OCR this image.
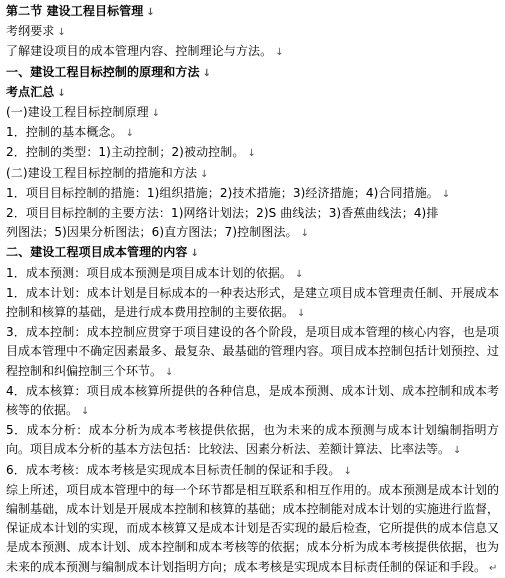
第二节 建设工程目标管理 ↓
考纲要求 ↓
了解建设项目的成本管理内容、控制理论与方法。 ↓
一、建设工程目标控制的原理和方法 ↓
考点汇总 ↓
(一)建设工程目标控制原理 ↓
1．控制的基本概念。 ↓
2．控制的类型：1)主动控制；2)被动控制。 ↓
(二)建设工程目标控制的措施和方法 ↓
1．项目目标控制的措施：1)组织措施；2)技术措施；3)经济措施；4)合同措施。 ↓
2．项目目标控制的主要方法：1)网络计划法；2)S 曲线法；3)香蕉曲线法；4)排
列图法；5)因果分析图法；6)直方图法；7)控制图法。 ↓
二、建设工程项目成本管理的内容 ↓
1．成本预测：项目成本预测是项目成本计划的依据。 ↓
1．成本计划：成本计划是目标成本的一种表达形式，是建立项目成本管理责任制、开展成本控制和核算的基础，是进行成本费用控制的主要依据。 ↓
3．成本控制：成本控制应贯穿于项目建设的各个阶段，是项目成本管理的核心内容，也是项目成本管理中不确定因素最多、最复杂、最基础的管理内容。项目成本控制包括计划预控、过程控制和纠偏控制三个环节。 ↓
4．成本核算：项目成本核算所提供的各种信息，是成本预测、成本计划、成本控制和成本考核等的依据。 ↓
5．成本分析：成本分析为成本考核提供依据，也为未来的成本预测与成本计划编制指明方向。项目成本分析的基本方法包括：比较法、因素分析法、差额计算法、比率法等。 ↓
6．成本考核：成本考核是实现成本目标责任制的保证和手段。 ↓
综上所述，项目成本管理中的每一个环节都是相互联系和相互作用的。成本预测是成本计划的编制基础，成本计划是开展成本控制和核算的基础；成本控制能对成本计划的实施进行监督，保证成本计划的实现，而成本核算又是成本计划是否实现的最后检查，它所提供的成本信息又是成本预测、成本计划、成本控制和成本考核等的依据；成本分析为成本考核提供依据，也为未来的成本预测与编制成本计划指明方向；成本考核是实现成本目标责任制的保证和手段。 ↵
